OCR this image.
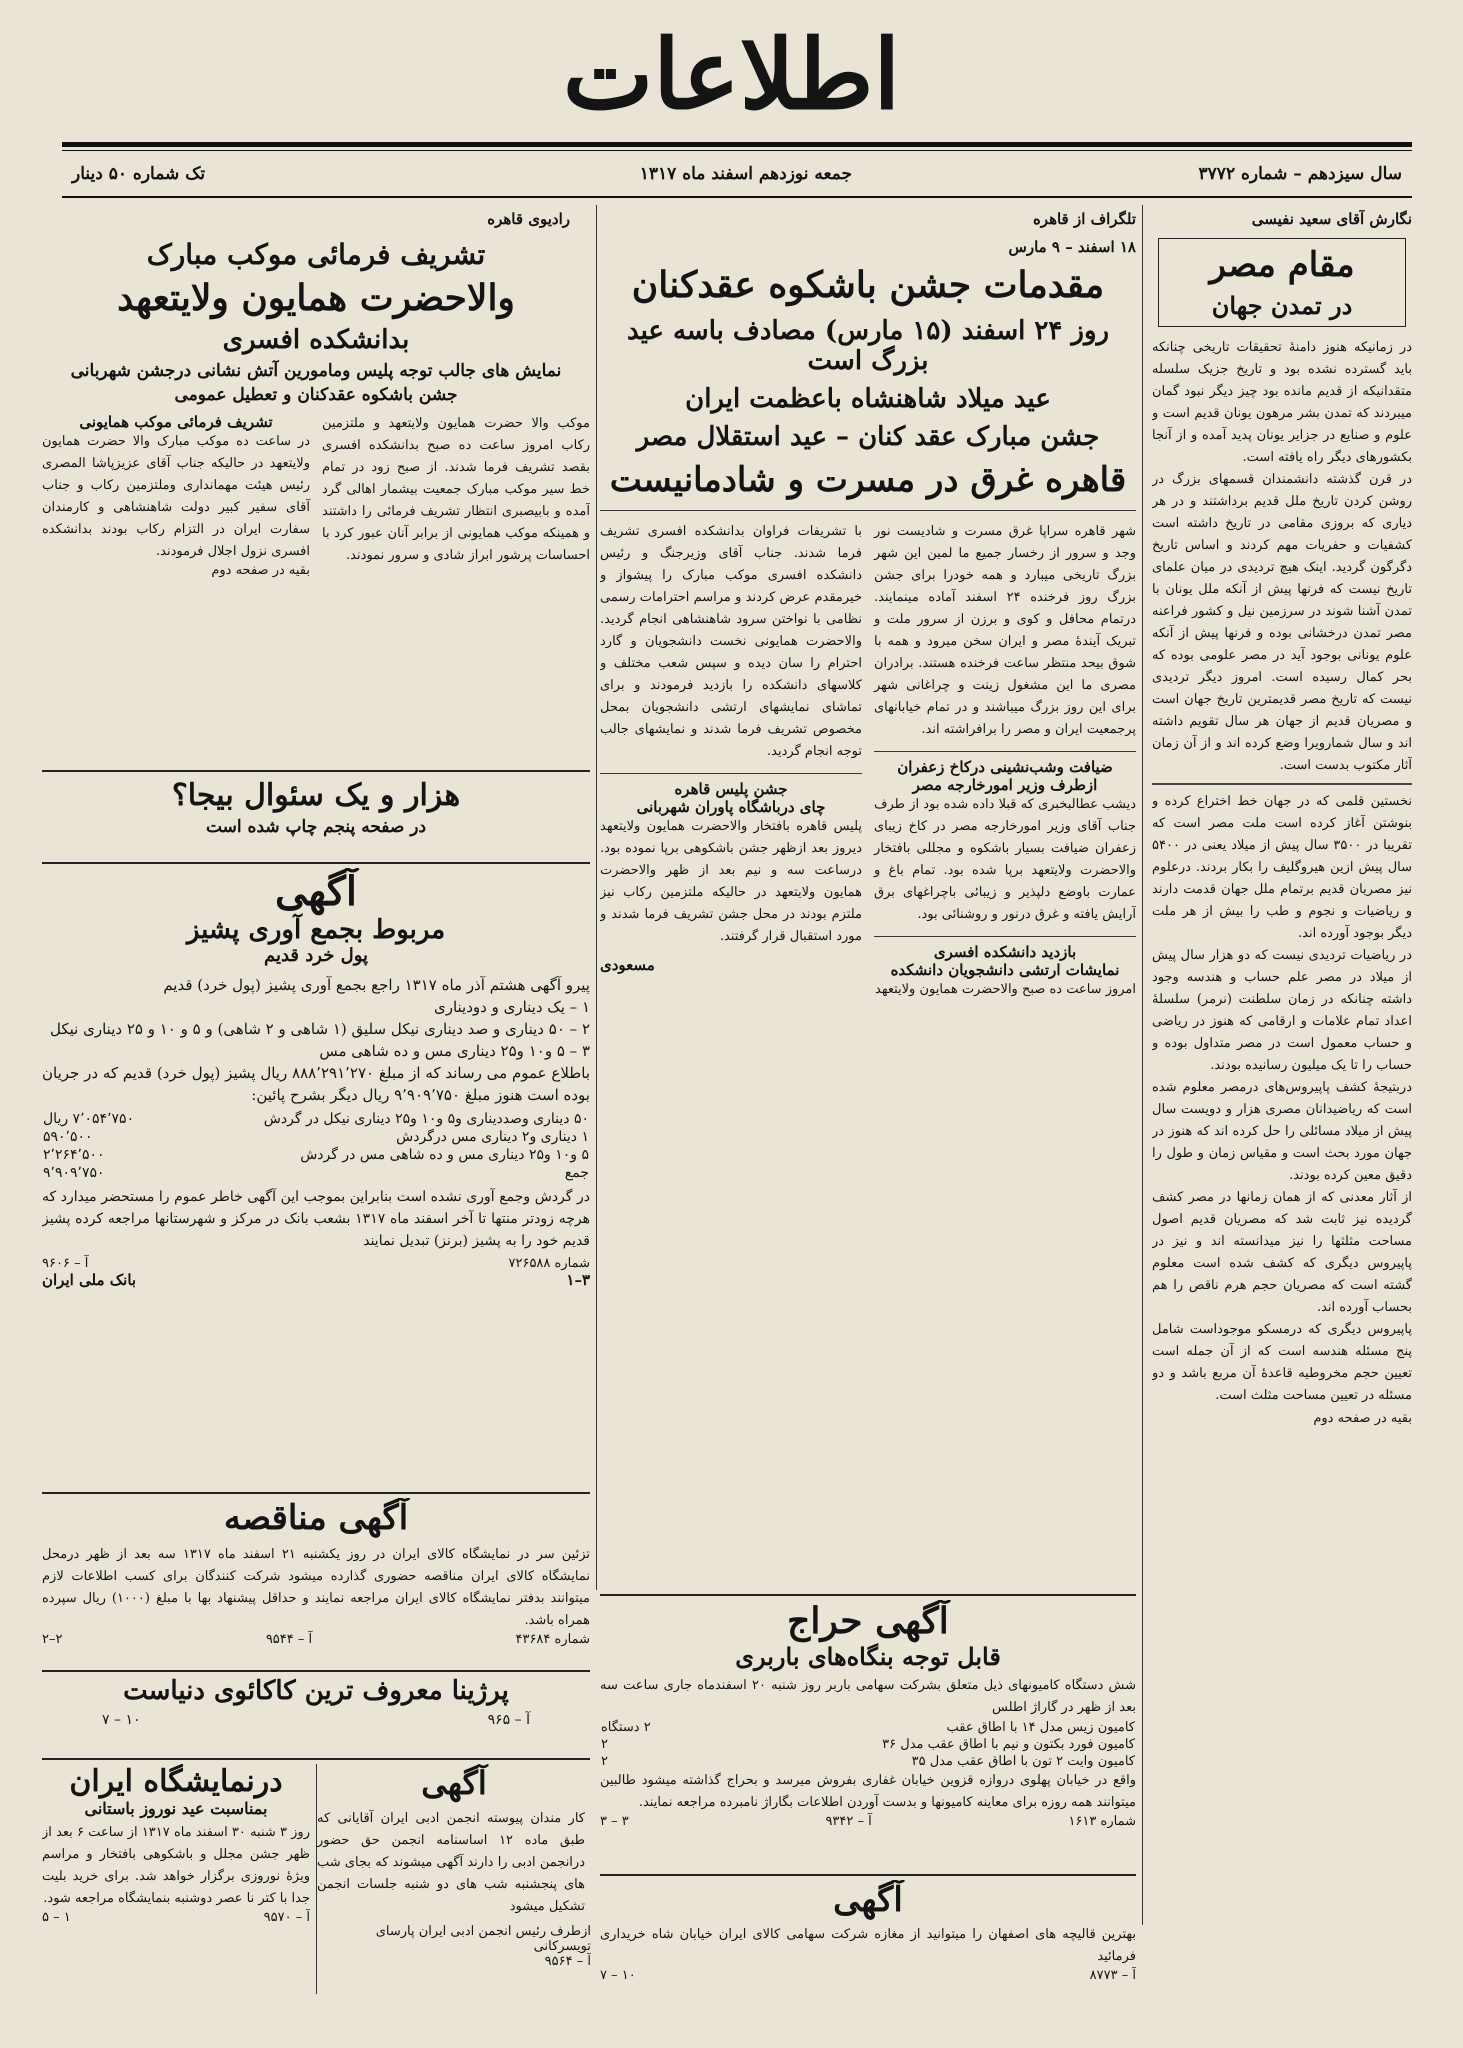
اطلاعات
سال سیزدهم – شماره ۳۷۷۲
جمعه نوزدهم اسفند ماه ۱۳۱۷
تک شماره ۵۰ دینار
نگارش آقای سعید نفیسی
مقام مصر
در تمدن جهان
در زمانیکه هنوز دامنهٔ تحقیقات تاریخی چنانکه باید گسترده نشده بود و تاریخ جزیک سلسله متقدانیکه از قدیم مانده بود چیز دیگر نبود گمان میبردند که تمدن بشر مرهون یونان قدیم است و علوم و صنایع در جزایر یونان پدید آمده و از آنجا بکشورهای دیگر راه یافته است.
در قرن گذشته دانشمندان قسمهای بزرگ در روشن کردن تاریخ ملل قدیم برداشتند و در هر دیاری که بروزی مقامی در تاریخ داشته است کشفیات و حفریات مهم کردند و اساس تاریخ دگرگون گردید. اینک هیچ تردیدی در میان علمای تاریخ نیست که فرنها پیش از آنکه ملل یونان با تمدن آشنا شوند در سرزمین نیل و کشور فراعنه مصر تمدن درخشانی بوده و فرنها پیش از آنکه علوم یونانی بوجود آید در مصر علومی بوده که بحر کمال رسیده است. امروز دیگر تردیدی نیست که تاریخ مصر قدیمترین تاریخ جهان است و مصریان قدیم از جهان هر سال تقویم داشته اند و سال شمارویرا وضع کرده اند و از آن زمان آثار مکتوب بدست است.
نخستین قلمی که در جهان خط اختراع کرده و بنوشتن آغاز کرده است ملت مصر است که تقریبا در ۳۵۰۰ سال پیش از میلاد یعنی در ۵۴۰۰ سال پیش ازین هیروگلیف را بکار بردند. درعلوم نیز مصریان قدیم برتمام ملل جهان قدمت دارند و ریاضیات و نجوم و طب را بیش از هر ملت دیگر بوجود آورده اند.
در ریاضیات تردیدی نیست که دو هزار سال پیش از میلاد در مصر علم حساب و هندسه وجود داشته چنانکه در زمان سلطنت (نرمر) سلسلهٔ اعداد تمام علامات و ارقامی که هنوز در ریاضی و حساب معمول است در مصر متداول بوده و حساب را تا یک میلیون رسانیده بودند.
دربتیجهٔ کشف پاپیروس‌های درمصر معلوم شده است که ریاضیدانان مصری هزار و دویست سال پیش از میلاد مسائلی را حل کرده اند که هنوز در جهان مورد بحث است و مقیاس زمان و طول را دقیق معین کرده بودند.
از آثار معدنی که از همان زمانها در مصر کشف گردیده نیز ثابت شد که مصریان قدیم اصول مساحت مثلثها را نیز میدانسته اند و نیز در پاپیروس دیگری که کشف شده است معلوم گشته است که مصریان حجم هرم ناقص را هم بحساب آورده اند.
پاپیروس دیگری که درمسکو موجوداست شامل پنج مسئله هندسه است که از آن جمله است تعیین حجم مخروطیه قاعدهٔ آن مربع باشد و دو مسئله در تعیین مساحت مثلث است.
بقیه در صفحه دوم
تلگراف از قاهره
۱۸ اسفند – ۹ مارس
مقدمات جشن باشکوه عقدکنان
روز ۲۴ اسفند (۱۵ مارس) مصادف باسه عید بزرگ است
عید میلاد شاهنشاه باعظمت ایران
جشن مبارک عقد کنان – عید استقلال مصر
قاهره غرق در مسرت و شادمانیست
شهر قاهره سراپا غرق مسرت و شادیست نور وجد و سرور از رخسار جمیع ما لمین این شهر بزرگ تاریخی میبارد و همه خودرا برای جشن بزرگ روز فرخنده ۲۴ اسفند آماده مینمایند. درتمام محافل و کوی و برزن از سرور ملت و تبریک آیندهٔ مصر و ایران سخن میرود و همه با شوق بیحد منتظر ساعت فرخنده هستند. برادران مصری ما این مشغول زینت و چراغانی شهر برای این روز بزرگ میباشند و در تمام خیابانهای پرجمعیت ایران و مصر را برافراشته اند.
ضیافت وشب‌نشینی درکاخ زعفران
ازطرف وزیر امورخارجه مصر
دیشب عطالبخبری که قبلا داده شده بود از طرف جناب آقای وزیر امورخارجه مصر در کاخ زیبای زعفران ضیافت بسیار باشکوه و مجللی بافتخار والاحضرت ولایتعهد برپا شده بود. تمام باغ و عمارت باوضع دلپذیر و زیبائی باچراغهای برق آرایش یافته و غرق درنور و روشنائی بود.
بازدید دانشکده افسری
نمایشات ارتشی دانشجویان دانشکده
امروز ساعت ده صبح والاحضرت همایون ولایتعهد
با تشریفات فراوان بدانشکده افسری تشریف فرما شدند. جناب آقای وزیرجنگ و رئیس دانشکده افسری موکب مبارک را پیشواز و خیرمقدم عرض کردند و مراسم احترامات رسمی نظامی با نواختن سرود شاهنشاهی انجام گردید. والاحضرت همایونی نخست دانشجویان و گارد احترام را سان دیده و سپس شعب مختلف و کلاسهای دانشکده را بازدید فرمودند و برای تماشای نمایشهای ارتشی دانشجویان بمحل مخصوص تشریف فرما شدند و نمایشهای جالب توجه انجام گردید.
جشن پلیس قاهره
چای درباشگاه پاوران شهربانی
پلیس قاهره بافتخار والاحضرت همایون ولایتعهد دیروز بعد ازظهر جشن باشکوهی برپا نموده بود. درساعت سه و نیم بعد از ظهر والاحضرت همایون ولایتعهد در حالیکه ملتزمین رکاب نیز ملتزم بودند در محل جشن تشریف فرما شدند و مورد استقبال قرار گرفتند.
مسعودی
رادیوی قاهره
تشریف فرمائی موکب مبارک
والاحضرت همایون ولایتعهد
بدانشکده افسری
نمایش های جالب توجه پلیس ومامورین آتش نشانی درجشن شهربانی
جشن باشکوه عقدکنان و تعطیل عمومی
موکب والا حضرت همایون ولایتعهد و ملتزمین رکاب امروز ساعت ده صبح بدانشکده افسری بقصد تشریف فرما شدند. از صبح زود در تمام خط سیر موکب مبارک جمعیت بیشمار اهالی گرد آمده و بابیصبری انتظار تشریف فرمائی را داشتند و همینکه موکب همایونی از برابر آنان عبور کرد با احساسات پرشور ابراز شادی و سرور نمودند.
تشریف فرمائی موکب همایونی
در ساعت ده موکب مبارک والا حضرت همایون ولایتعهد در حالیکه جناب آقای عزیزپاشا المصری رئیس هیئت مهمانداری وملتزمین رکاب و جناب آقای سفیر کبیر دولت شاهنشاهی و کارمندان سفارت ایران در التزام رکاب بودند بدانشکده افسری نزول اجلال فرمودند.
بقیه در صفحه دوم
هزار و یک سئوال بیجا؟
در صفحه پنجم چاپ شده است
آگهی
مربوط بجمع آوری پشیز
پول خرد قدیم
پیرو آگهی هشتم آذر ماه ۱۳۱۷ راجع بجمع آوری پشیز (پول خرد) قدیم
۱ – یک دیناری و دودیناری
۲ – ۵۰ دیناری و صد دیناری نیکل سلیق (۱ شاهی و ۲ شاهی) و ۵ و ۱۰ و ۲۵ دیناری نیکل
۳ – ۵ و۱۰ و۲۵ دیناری مس و ده شاهی مس
باطلاع عموم می رساند که از مبلغ ۸۸۸٬۲۹۱٬۲۷۰ ریال پشیز (پول خرد) قدیم که در جریان بوده است هنوز مبلغ ۹٬۹۰۹٬۷۵۰ ریال دیگر بشرح پائین:
۵۰ دیناری وصددیناری و۵ و۱۰ و۲۵ دیناری نیکل در گردش	۷٬۰۵۴٬۷۵۰ ریال
۱ دیناری و۲ دیناری مس درگردش	۵۹۰٬۵۰۰
۵ و۱۰ و۲۵ دیناری مس و ده شاهی مس در گردش	۲٬۲۶۴٬۵۰۰
جمع	۹٬۹۰۹٬۷۵۰
در گردش وجمع آوری نشده است بنابراین بموجب این آگهی خاطر عموم را مستحضر میدارد که هرچه زودتر منتها تا آخر اسفند ماه ۱۳۱۷ بشعب بانک در مرکز و شهرستانها مراجعه کرده پشیز قدیم خود را به پشیز (برنز) تبدیل نمایند
شماره ۷۲۶۵۸۸
آ – ۹۶۰۶
۳–۱
بانک ملی ایران
آگهی مناقصه
تزئین سر در نمایشگاه کالای ایران در روز یکشنبه ۲۱ اسفند ماه ۱۳۱۷ سه بعد از ظهر درمحل نمایشگاه کالای ایران مناقصه حضوری گذارده میشود شرکت کنندگان برای کسب اطلاعات لازم میتوانند بدفتر نمایشگاه کالای ایران مراجعه نمایند و حداقل پیشنهاد بها با مبلغ (۱۰۰۰) ریال سپرده همراه باشد.
شماره ۴۳۶۸۴
آ – ۹۵۴۴
۲–۲
پرژینا معروف ترین کاکائوی دنیاست
آ – ۹۶۵
۱۰ – ۷
آگهی
کار مندان پیوسته انجمن ادبی ایران آقایانی که طبق ماده ۱۲ اساسنامه انجمن حق حضور درانجمن ادبی را دارند آگهی میشوند که بجای شب های پنجشنبه شب های دو شنبه جلسات انجمن تشکیل میشود
ازطرف رئیس انجمن ادبی ایران پارسای تویسرکانی
آ – ۹۵۶۴
درنمایشگاه ایران
بمناسبت عید نوروز باستانی
روز ۳ شنبه ۳۰ اسفند ماه ۱۳۱۷ از ساعت ۶ بعد از ظهر جشن مجلل و باشکوهی بافتخار و مراسم ویژهٔ نوروزی برگزار خواهد شد. برای خرید بلیت جدا با کتر نا عصر دوشنبه بنمایشگاه مراجعه شود.
آ – ۹۵۷۰
۱ – ۵
آگهی حراج
قابل توجه بنگاه‌های باربری
شش دستگاه کامیونهای ذیل متعلق بشرکت سهامی باربر روز شنبه ۲۰ اسفندماه جاری ساعت سه بعد از ظهر در گاراژ اطلس
کامیون زیس مدل ۱۴ با اطاق عقب	۲ دستگاه
کامیون فورد بکتون و نیم با اطاق عقب مدل ۳۶	۲
کامیون وایت ۲ تون با اطاق عقب مدل ۳۵	۲
واقع در خیابان پهلوی دروازه قزوین خیابان غفاری بفروش میرسد و بحراج گذاشته میشود طالبین میتوانند همه روزه برای معاینه کامیونها و بدست آوردن اطلاعات بگاراژ نامبرده مراجعه نمایند.
شماره ۱۶۱۳
آ – ۹۳۴۲
۳ – ۳
آگهی
بهترین قالیچه های اصفهان را میتوانید از مغازه شرکت سهامی کالای ایران خیابان شاه خریداری فرمائید
آ – ۸۷۷۳
۱۰ – ۷
